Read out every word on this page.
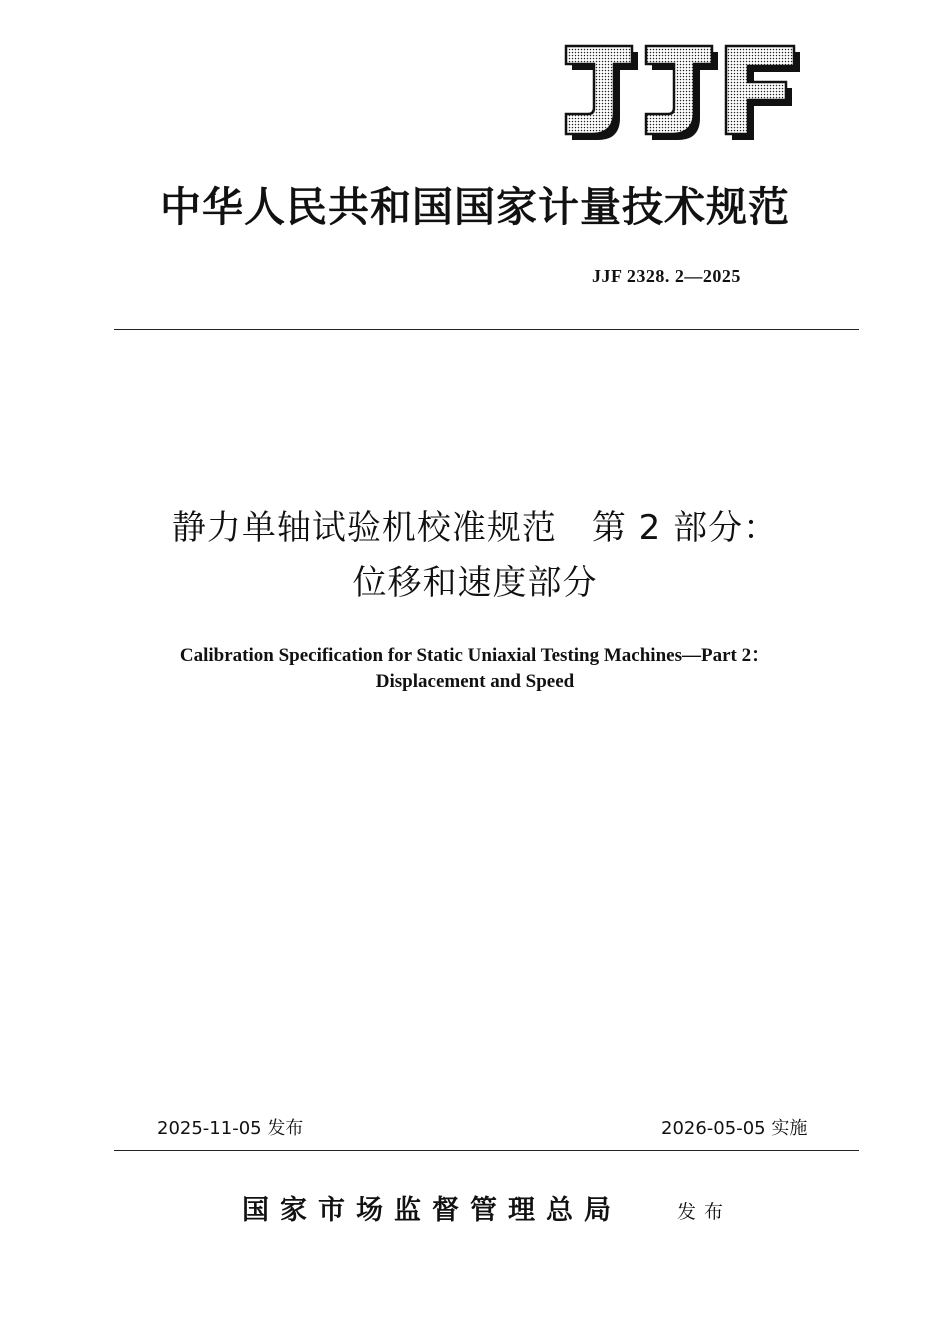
中华人民共和国国家计量技术规范
JJF 2328. 2—2025
静力单轴试验机校准规范　第 2 部分：
位移和速度部分
Calibration Specification for Static Uniaxial Testing Machines—Part 2：
Displacement and Speed
2025-11-05 发布	2026-05-05 实施
国家市场监督管理总局	发布
